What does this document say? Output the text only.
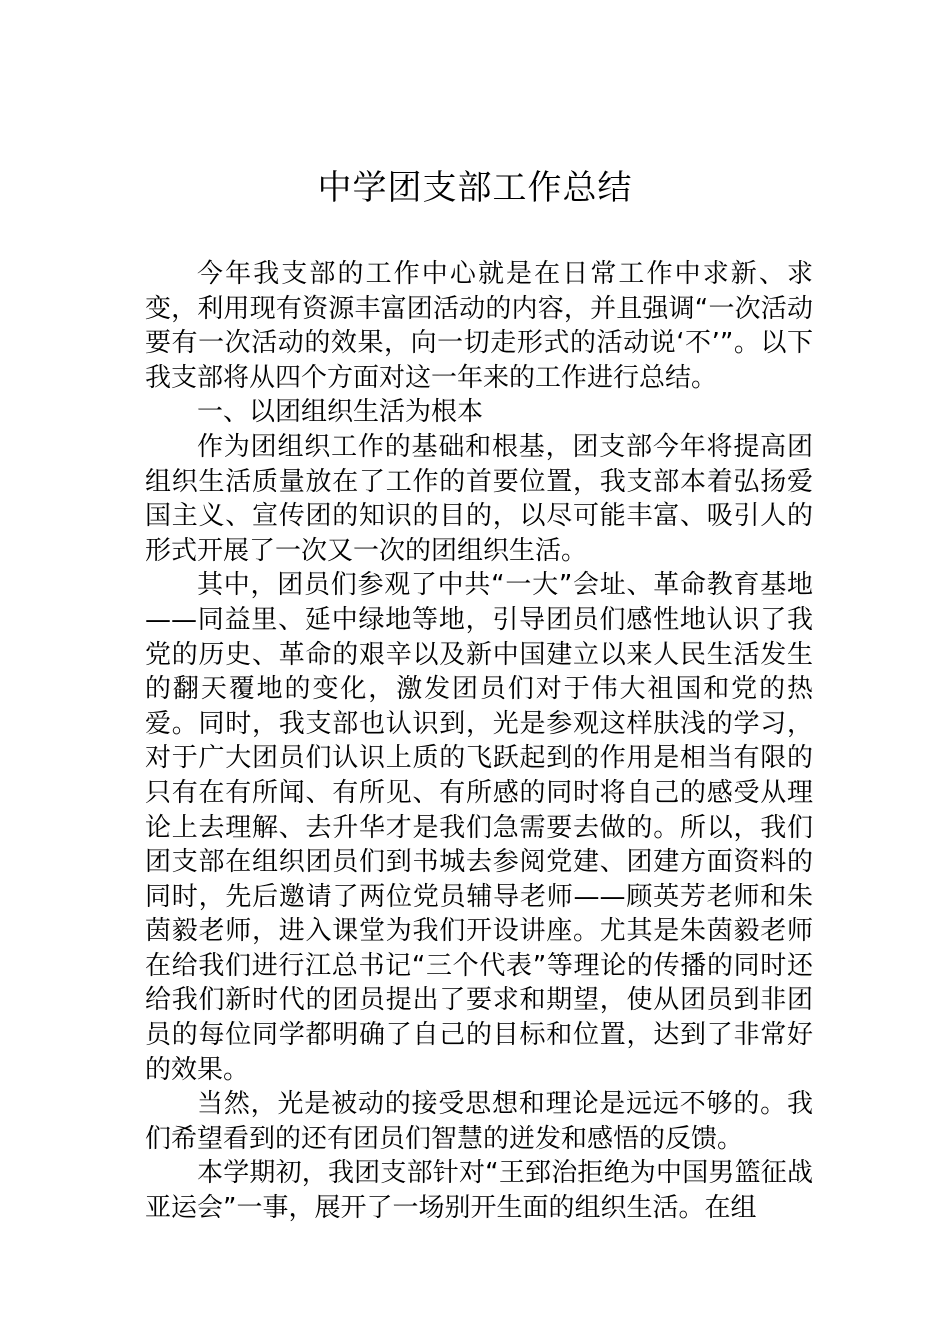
中学团支部工作总结

今年我支部的工作中心就是在日常工作中求新、求变，利用现有资源丰富团活动的内容，并且强调“一次活动要有一次活动的效果，向一切走形式的活动说‘不’”。以下我支部将从四个方面对这一年来的工作进行总结。

一、以团组织生活为根本

作为团组织工作的基础和根基，团支部今年将提高团组织生活质量放在了工作的首要位置，我支部本着弘扬爱国主义、宣传团的知识的目的，以尽可能丰富、吸引人的形式开展了一次又一次的团组织生活。

其中，团员们参观了中共“一大”会址、革命教育基地——同益里、延中绿地等地，引导团员们感性地认识了我党的历史、革命的艰辛以及新中国建立以来人民生活发生的翻天覆地的变化，激发团员们对于伟大祖国和党的热爱。同时，我支部也认识到，光是参观这样肤浅的学习，对于广大团员们认识上质的飞跃起到的作用是相当有限的只有在有所闻、有所见、有所感的同时将自己的感受从理论上去理解、去升华才是我们急需要去做的。所以，我们团支部在组织团员们到书城去参阅党建、团建方面资料的同时，先后邀请了两位党员辅导老师——顾英芳老师和朱茵毅老师，进入课堂为我们开设讲座。尤其是朱茵毅老师在给我们进行江总书记“三个代表”等理论的传播的同时还给我们新时代的团员提出了要求和期望，使从团员到非团员的每位同学都明确了自己的目标和位置，达到了非常好的效果。

当然，光是被动的接受思想和理论是远远不够的。我们希望看到的还有团员们智慧的迸发和感悟的反馈。

本学期初，我团支部针对“王郅治拒绝为中国男篮征战亚运会”一事，展开了一场别开生面的组织生活。在组
